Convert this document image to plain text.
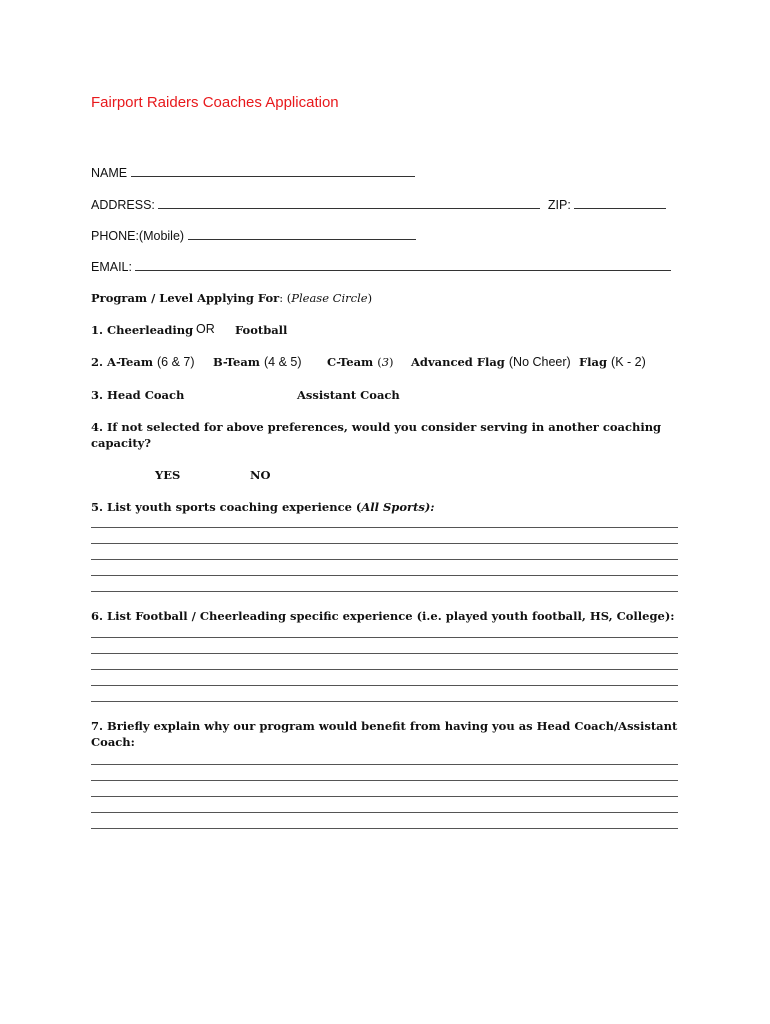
Fairport Raiders Coaches Application
NAME
ADDRESS:	ZIP:
PHONE:(Mobile)
EMAIL:
Program / Level Applying For: (Please Circle)
1. Cheerleading OR Football
2. A-Team (6 & 7) B-Team (4 & 5) C-Team (3) Advanced Flag (No Cheer) Flag (K - 2)
3. Head Coach	Assistant Coach
4. If not selected for above preferences, would you consider serving in another coaching
capacity?
YES	NO
5. List youth sports coaching experience (All Sports):
6. List Football / Cheerleading specific experience (i.e. played youth football, HS, College):
7. Briefly explain why our program would benefit from having you as Head Coach/Assistant
Coach:
